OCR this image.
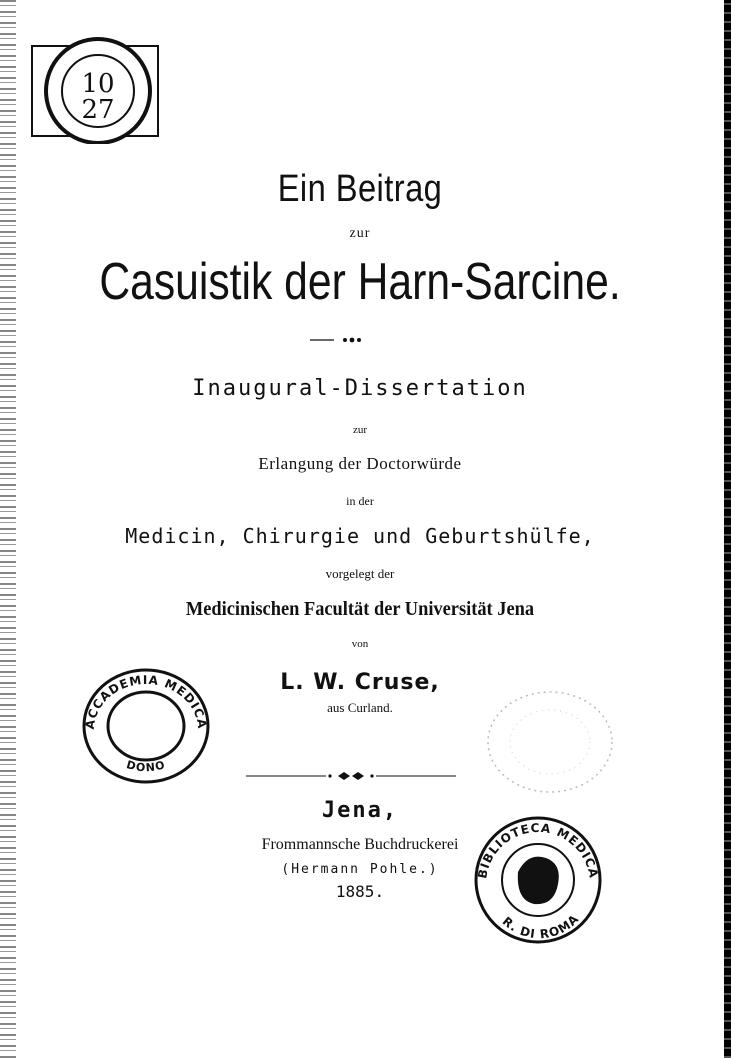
10
27
Ein Beitrag
zur
Casuistik der Harn-Sarcine.
Inaugural-Dissertation
zur
Erlangung der Doctorwürde
in der
Medicin, Chirurgie und Geburtshülfe,
vorgelegt der
Medicinischen Facultät der Universität Jena
von
ACCADEMIA MEDICA
DONO
L. W. Cruse,
aus Curland.
Jena,
Frommannsche Buchdruckerei
(Hermann Pohle.)
1885.
BIBLIOTECA MEDICA
R. DI ROMA
